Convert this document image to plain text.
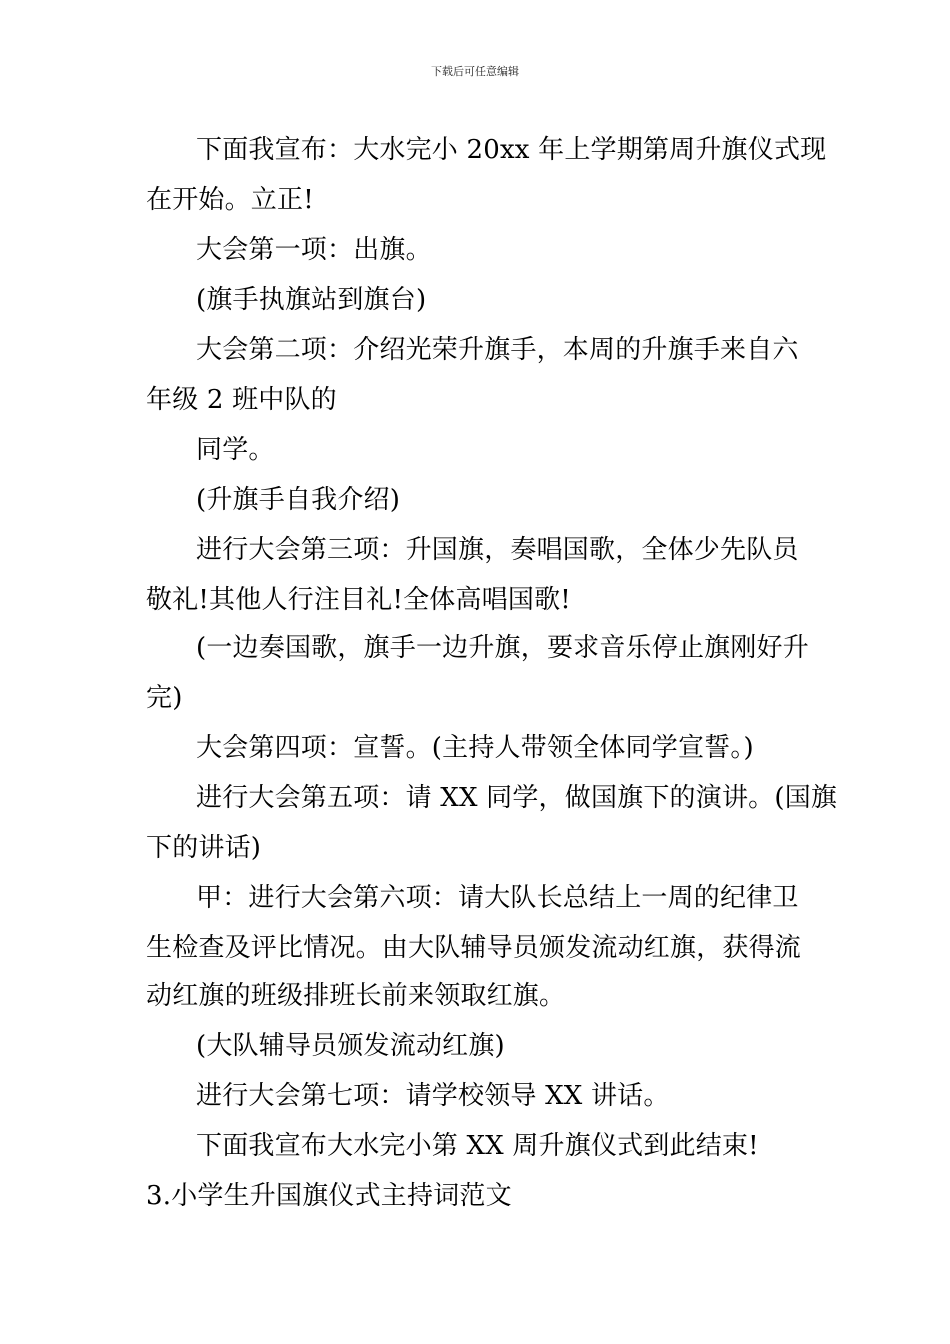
下载后可任意编辑
下面我宣布：大水完小 20xx 年上学期第周升旗仪式现
在开始。立正!
大会第一项：出旗。
(旗手执旗站到旗台)
大会第二项：介绍光荣升旗手，本周的升旗手来自六
年级 2 班中队的
同学。
(升旗手自我介绍)
进行大会第三项：升国旗，奏唱国歌，全体少先队员
敬礼!其他人行注目礼!全体高唱国歌!
(一边奏国歌，旗手一边升旗，要求音乐停止旗刚好升
完)
大会第四项：宣誓。(主持人带领全体同学宣誓。)
进行大会第五项：请 XX 同学，做国旗下的演讲。(国旗
下的讲话)
甲：进行大会第六项：请大队长总结上一周的纪律卫
生检查及评比情况。由大队辅导员颁发流动红旗，获得流
动红旗的班级排班长前来领取红旗。
(大队辅导员颁发流动红旗)
进行大会第七项：请学校领导 XX 讲话。
下面我宣布大水完小第 XX 周升旗仪式到此结束!
3.小学生升国旗仪式主持词范文
